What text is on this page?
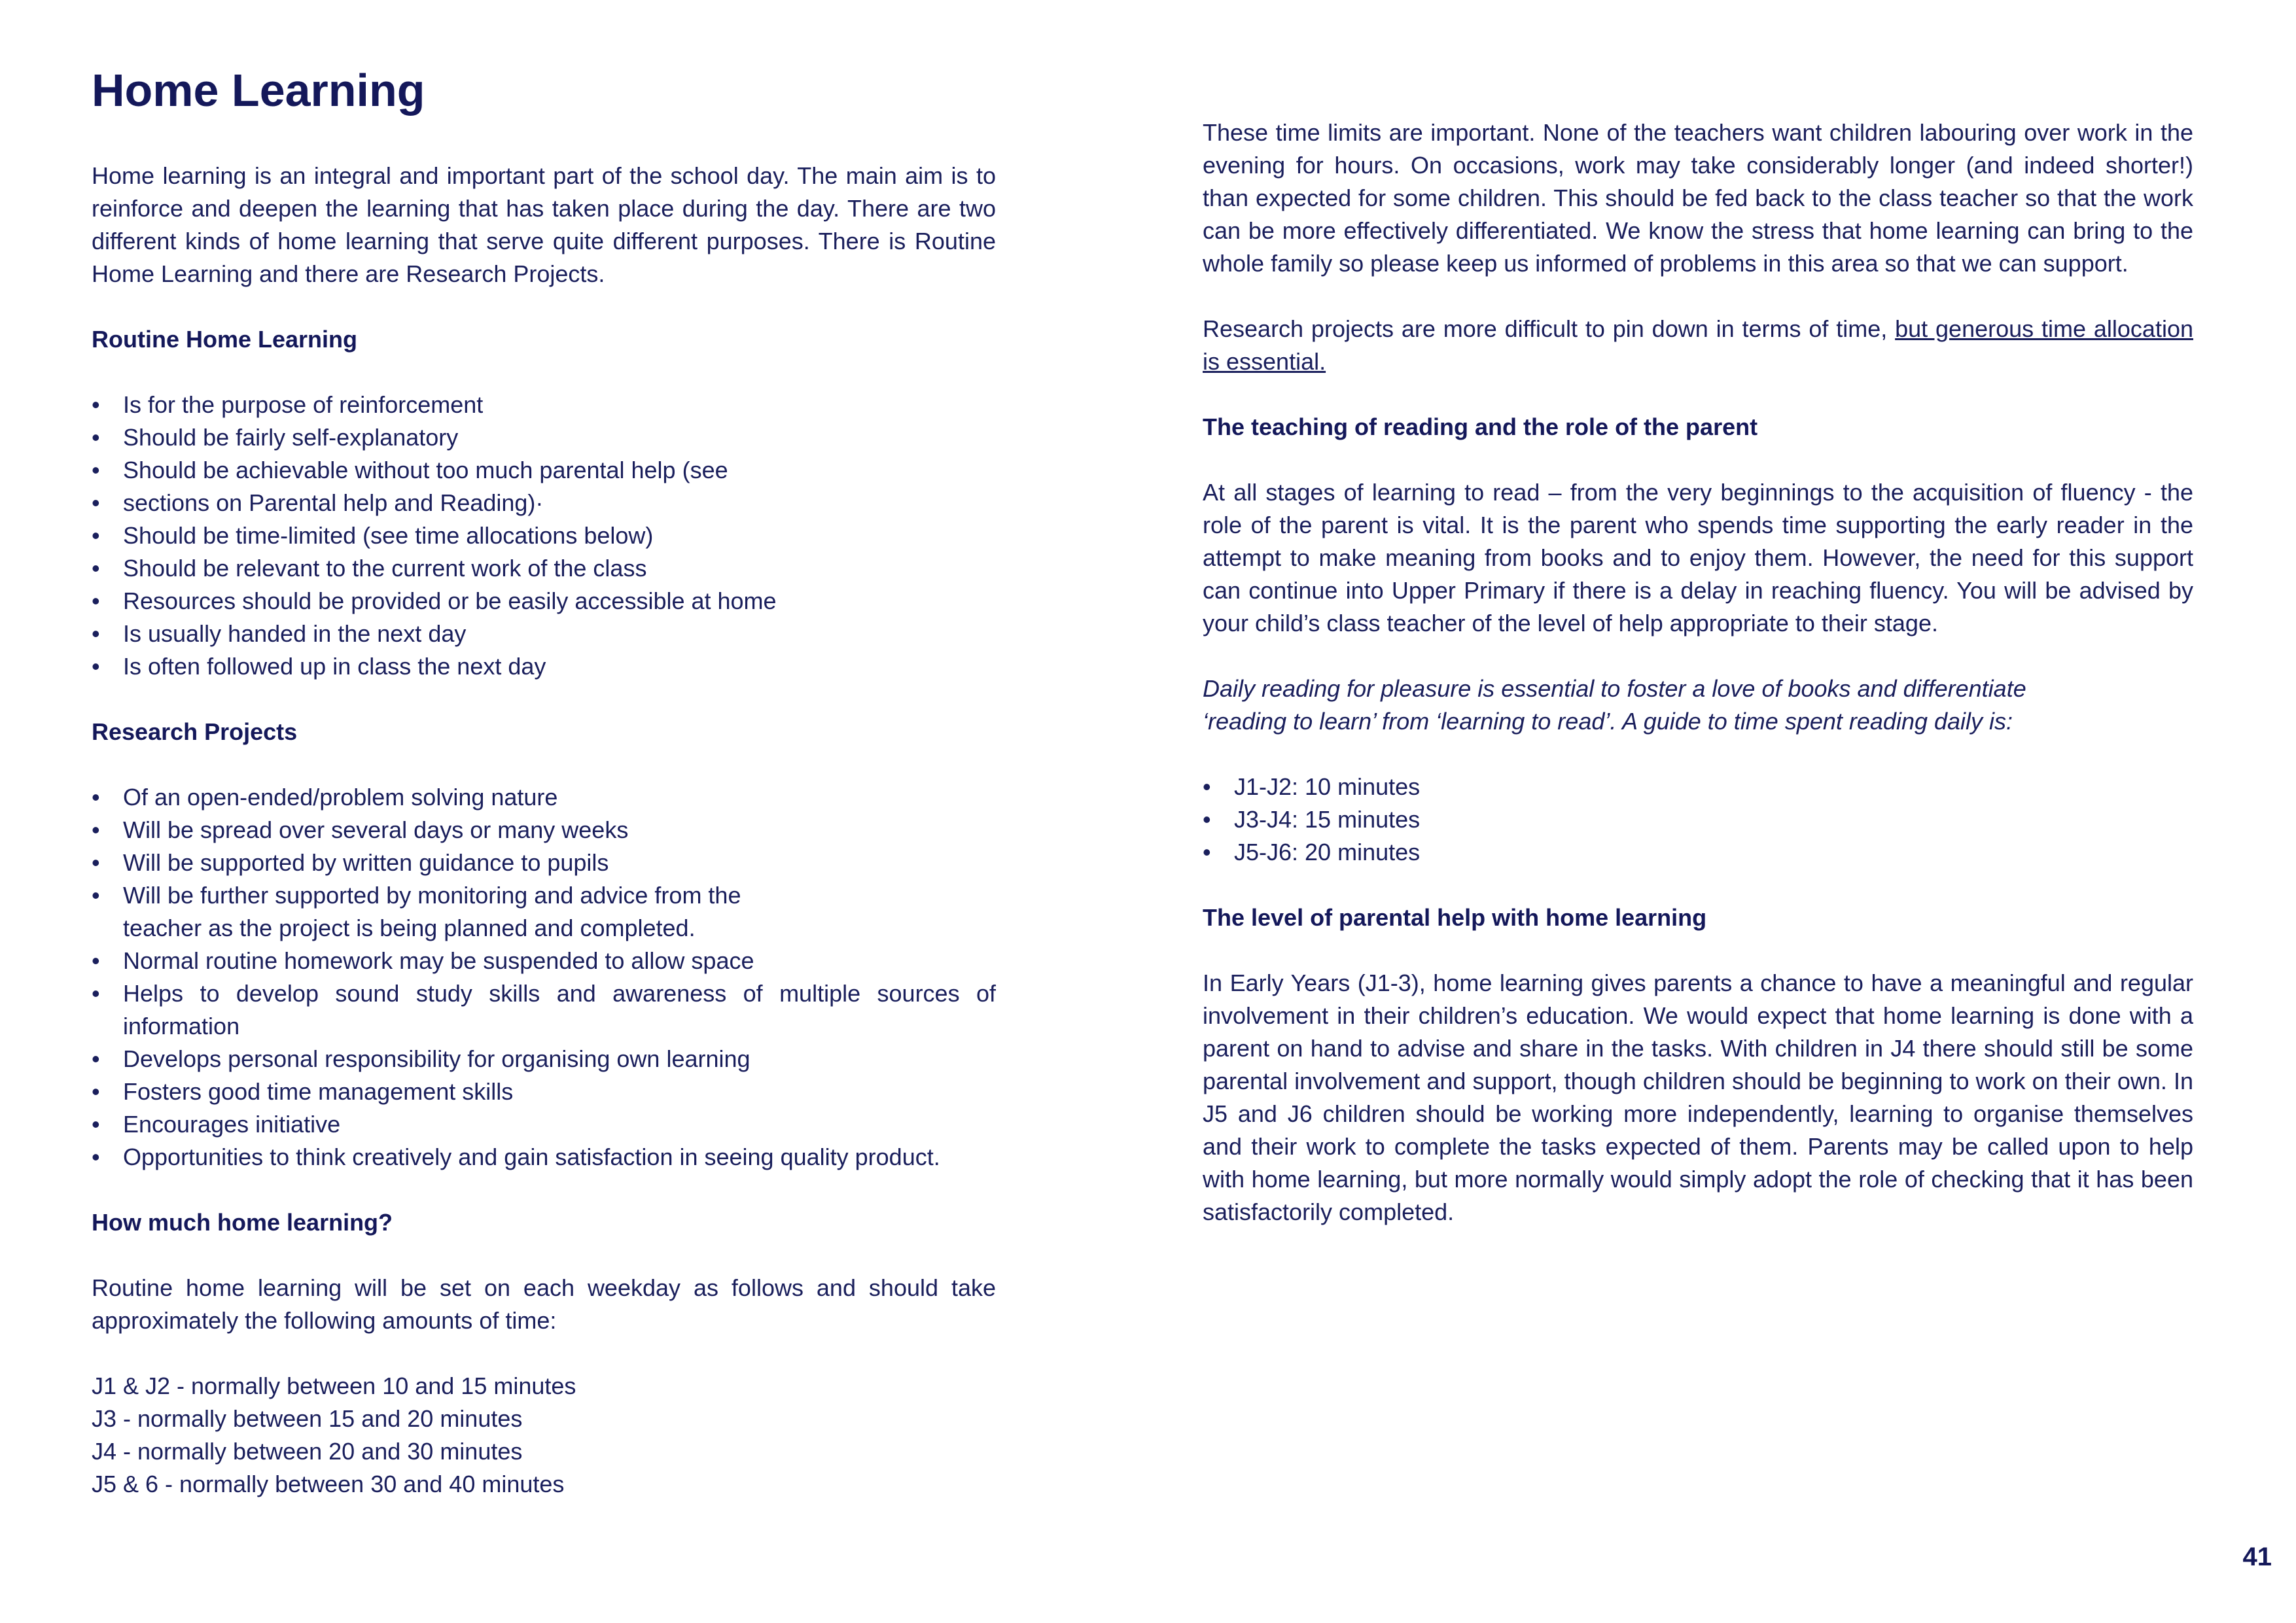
Home Learning

Home learning is an integral and important part of the school day. The main aim is to reinforce and deepen the learning that has taken place during the day. There are two different kinds of home learning that serve quite different purposes. There is Routine Home Learning and there are Research Projects.

Routine Home Learning

• Is for the purpose of reinforcement
• Should be fairly self-explanatory
• Should be achievable without too much parental help (see
• sections on Parental help and Reading)·
• Should be time-limited (see time allocations below)
• Should be relevant to the current work of the class
• Resources should be provided or be easily accessible at home
• Is usually handed in the next day
• Is often followed up in class the next day

Research Projects

• Of an open-ended/problem solving nature
• Will be spread over several days or many weeks
• Will be supported by written guidance to pupils
• Will be further supported by monitoring and advice from the teacher as the project is being planned and completed.
• Normal routine homework may be suspended to allow space
• Helps to develop sound study skills and awareness of multiple sources of information
• Develops personal responsibility for organising own learning
• Fosters good time management skills
• Encourages initiative
• Opportunities to think creatively and gain satisfaction in seeing quality product.

How much home learning?

Routine home learning will be set on each weekday as follows and should take approximately the following amounts of time:

J1 & J2 - normally between 10 and 15 minutes

J3 - normally between 15 and 20 minutes

J4 - normally between 20 and 30 minutes

J5 & 6 - normally between 30 and 40 minutes

These time limits are important. None of the teachers want children labouring over work in the evening for hours. On occasions, work may take considerably longer (and indeed shorter!) than expected for some children. This should be fed back to the class teacher so that the work can be more effectively differentiated. We know the stress that home learning can bring to the whole family so please keep us informed of problems in this area so that we can support.

Research projects are more difficult to pin down in terms of time, but generous time allocation is essential.

The teaching of reading and the role of the parent

At all stages of learning to read – from the very beginnings to the acquisition of fluency - the role of the parent is vital. It is the parent who spends time supporting the early reader in the attempt to make meaning from books and to enjoy them. However, the need for this support can continue into Upper Primary if there is a delay in reaching fluency. You will be advised by your child’s class teacher of the level of help appropriate to their stage.

Daily reading for pleasure is essential to foster a love of books and differentiate

‘reading to learn’ from ‘learning to read’. A guide to time spent reading daily is:

• J1-J2: 10 minutes
• J3-J4: 15 minutes
• J5-J6: 20 minutes

The level of parental help with home learning

In Early Years (J1-3), home learning gives parents a chance to have a meaningful and regular involvement in their children’s education. We would expect that home learning is done with a parent on hand to advise and share in the tasks. With children in J4 there should still be some parental involvement and support, though children should be beginning to work on their own. In J5 and J6 children should be working more independently, learning to organise themselves and their work to complete the tasks expected of them. Parents may be called upon to help with home learning, but more normally would simply adopt the role of checking that it has been satisfactorily completed.

41
